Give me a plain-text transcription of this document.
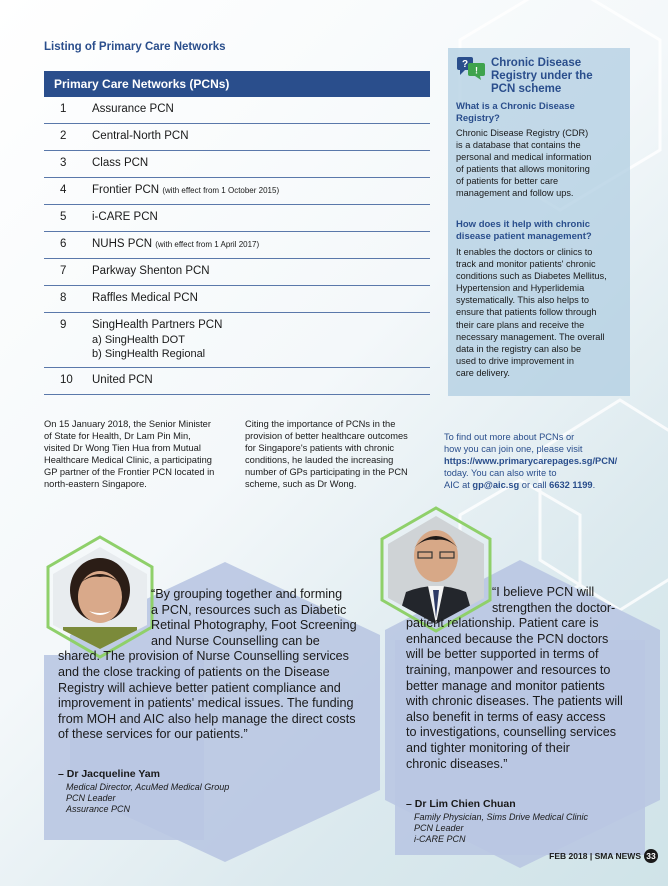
Listing of Primary Care Networks
Primary Care Networks (PCNs)
1 Assurance PCN
2 Central-North PCN
3 Class PCN
4 Frontier PCN (with effect from 1 October 2015)
5 i-CARE PCN
6 NUHS PCN (with effect from 1 April 2017)
7 Parkway Shenton PCN
8 Raffles Medical PCN
9 SingHealth Partners PCN
a) SingHealth DOT
b) SingHealth Regional
10 United PCN
?
!
Chronic Disease
Registry under the
PCN scheme
What is a Chronic Disease
Registry?
Chronic Disease Registry (CDR)
is a database that contains the
personal and medical information
of patients that allows monitoring
of patients for better care
management and follow ups.
How does it help with chronic
disease patient management?
It enables the doctors or clinics to
track and monitor patients' chronic
conditions such as Diabetes Mellitus,
Hypertension and Hyperlidemia
systematically. This also helps to
ensure that patients follow through
their care plans and receive the
necessary management. The overall
data in the registry can also be
used to drive improvement in
care delivery.
On 15 January 2018, the Senior Minister
of State for Health, Dr Lam Pin Min,
visited Dr Wong Tien Hua from Mutual
Healthcare Medical Clinic, a participating
GP partner of the Frontier PCN located in
north-eastern Singapore.
Citing the importance of PCNs in the
provision of better healthcare outcomes
for Singapore's patients with chronic
conditions, he lauded the increasing
number of GPs participating in the PCN
scheme, such as Dr Wong.
To find out more about PCNs or
how you can join one, please visit
https://www.primarycarepages.sg/PCN/
today. You can also write to
AIC at gp@aic.sg or call 6632 1199.
“By grouping together and forming
a PCN, resources such as Diabetic
Retinal Photography, Foot Screening
and Nurse Counselling can be
shared. The provision of Nurse Counselling services
and the close tracking of patients on the Disease
Registry will achieve better patient compliance and
improvement in patients' medical issues. The funding
from MOH and AIC also help manage the direct costs
of these services for our patients.”
– Dr Jacqueline Yam
Medical Director, AcuMed Medical Group
PCN Leader
Assurance PCN
“I believe PCN will
strengthen the doctor-
patient relationship. Patient care is
enhanced because the PCN doctors
will be better supported in terms of
training, manpower and resources to
better manage and monitor patients
with chronic diseases. The patients will
also benefit in terms of easy access
to investigations, counselling services
and tighter monitoring of their
chronic diseases.”
– Dr Lim Chien Chuan
Family Physician, Sims Drive Medical Clinic
PCN Leader
i-CARE PCN
FEB 2018 | SMA NEWS 33
